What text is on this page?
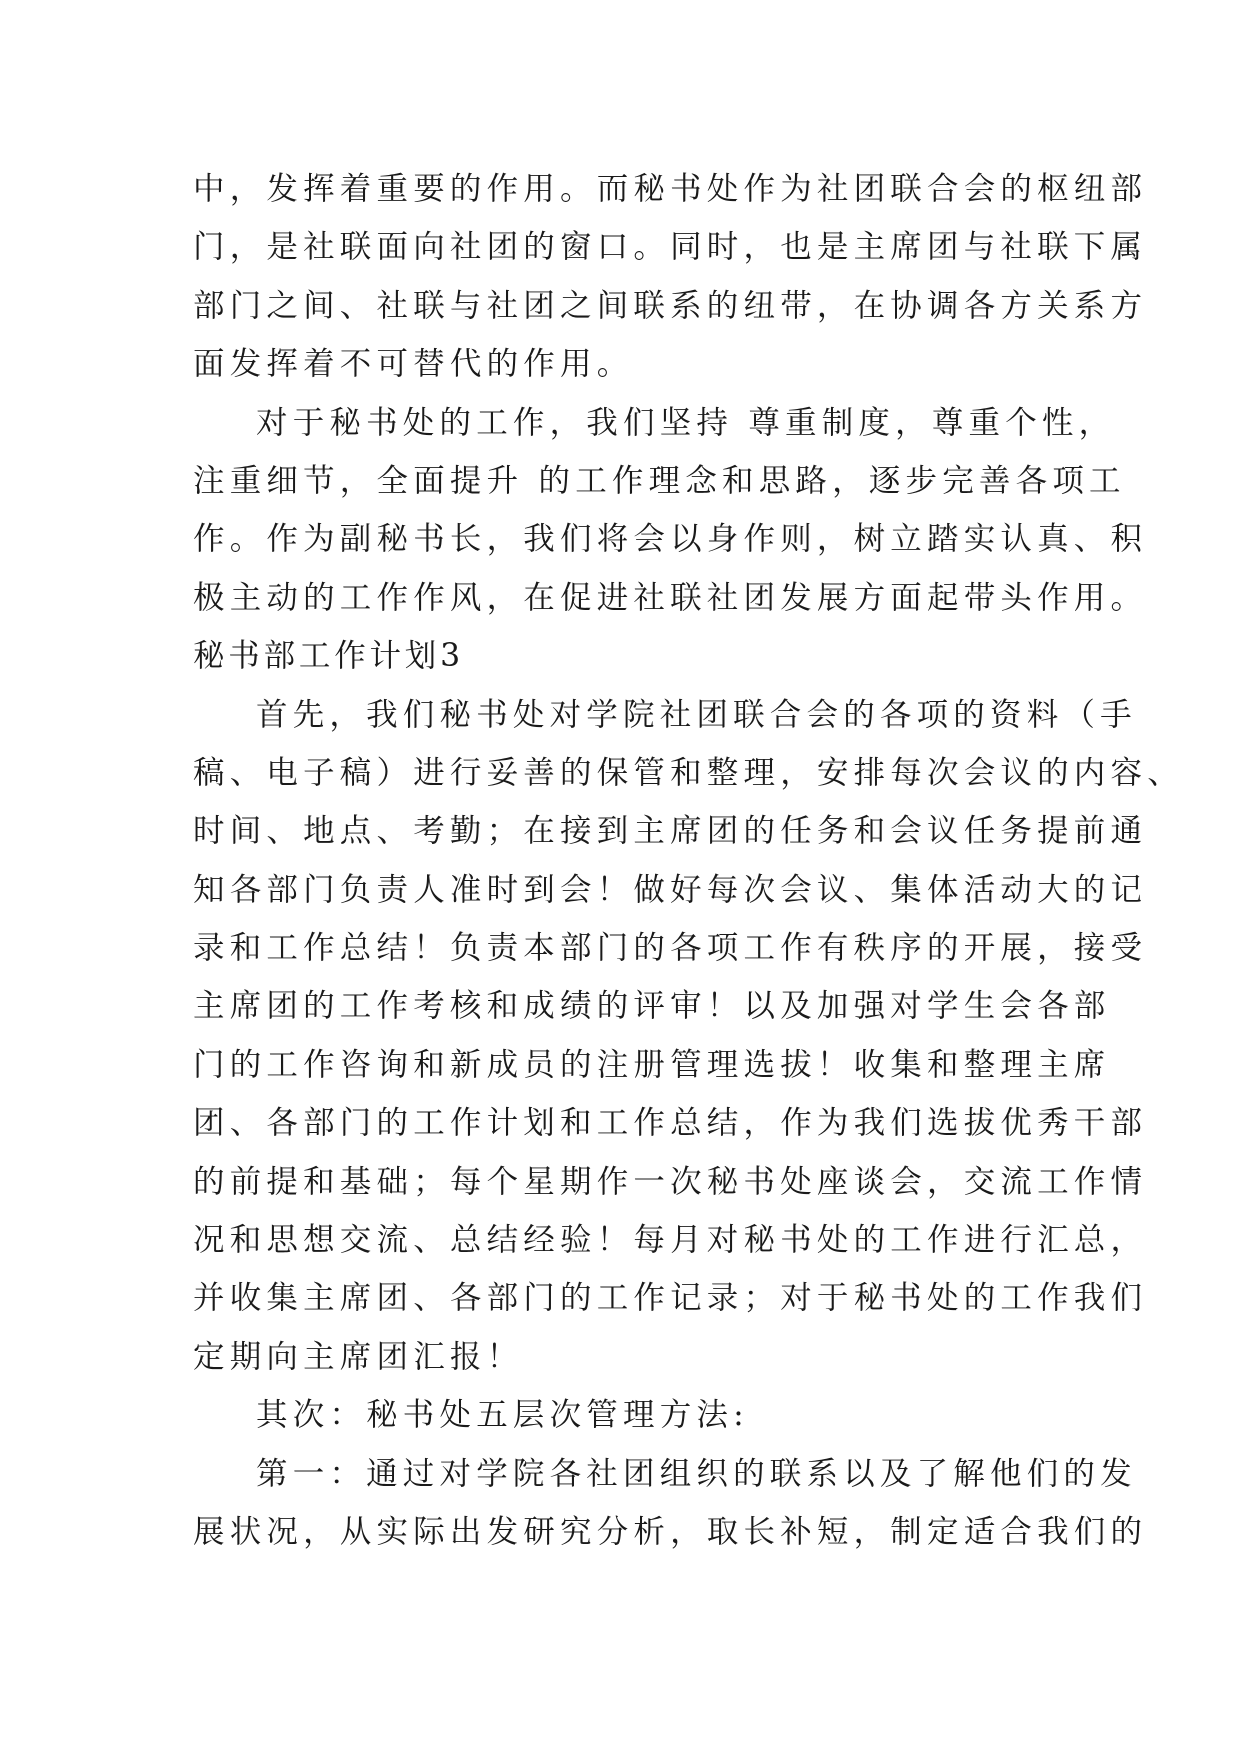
中，发挥着重要的作用。而秘书处作为社团联合会的枢纽部
门，是社联面向社团的窗口。同时，也是主席团与社联下属
部门之间、社联与社团之间联系的纽带，在协调各方关系方
面发挥着不可替代的作用。
对于秘书处的工作，我们坚持 尊重制度，尊重个性，
注重细节，全面提升 的工作理念和思路，逐步完善各项工
作。作为副秘书长，我们将会以身作则，树立踏实认真、积
极主动的工作作风，在促进社联社团发展方面起带头作用。
秘书部工作计划3
首先，我们秘书处对学院社团联合会的各项的资料（手
稿、电子稿）进行妥善的保管和整理，安排每次会议的内容、
时间、地点、考勤；在接到主席团的任务和会议任务提前通
知各部门负责人准时到会！做好每次会议、集体活动大的记
录和工作总结！负责本部门的各项工作有秩序的开展，接受
主席团的工作考核和成绩的评审！以及加强对学生会各部
门的工作咨询和新成员的注册管理选拔！收集和整理主席
团、各部门的工作计划和工作总结，作为我们选拔优秀干部
的前提和基础；每个星期作一次秘书处座谈会，交流工作情
况和思想交流、总结经验！每月对秘书处的工作进行汇总，
并收集主席团、各部门的工作记录；对于秘书处的工作我们
定期向主席团汇报！
其次：秘书处五层次管理方法:
第一：通过对学院各社团组织的联系以及了解他们的发
展状况，从实际出发研究分析，取长补短，制定适合我们的
